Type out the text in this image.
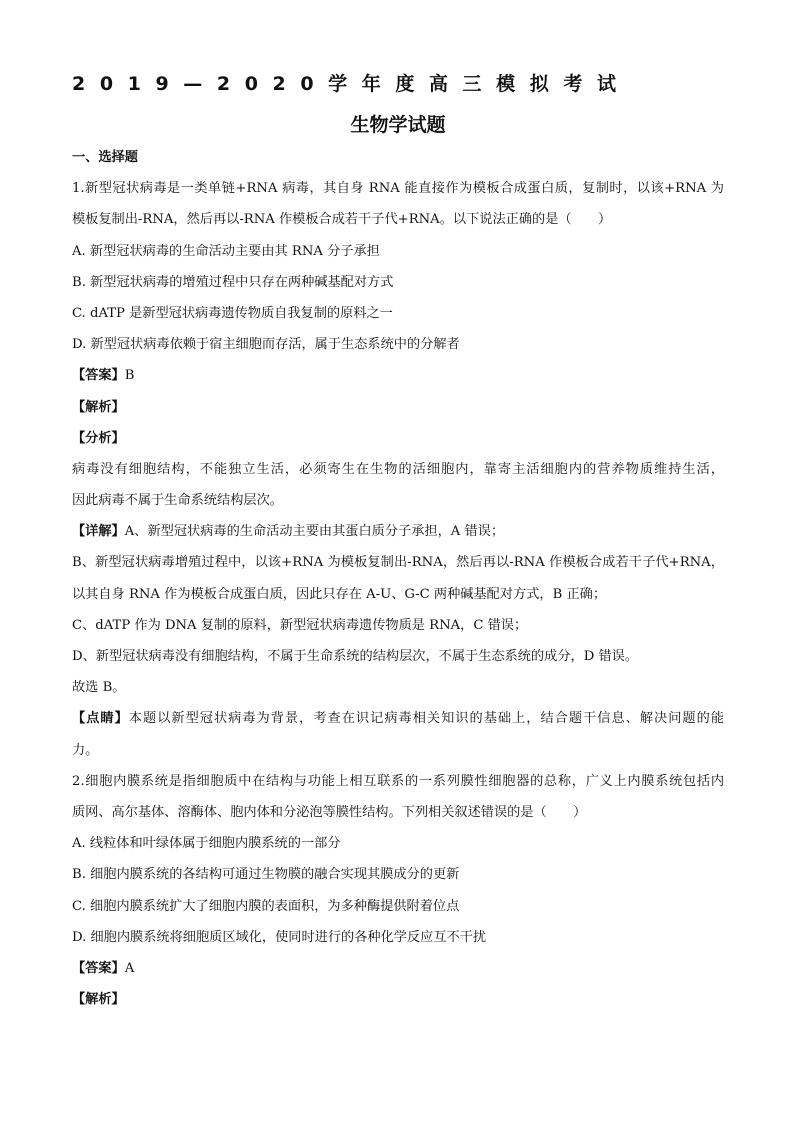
2019—2020学年度高三模拟考试
生物学试题
一、选择题
1.新型冠状病毒是一类单链+RNA 病毒，其自身 RNA 能直接作为模板合成蛋白质，复制时，以该+RNA 为
模板复制出-RNA，然后再以-RNA 作模板合成若干子代+RNA。以下说法正确的是（　　）
A. 新型冠状病毒的生命活动主要由其 RNA 分子承担
B. 新型冠状病毒的增殖过程中只存在两种碱基配对方式
C. dATP 是新型冠状病毒遗传物质自我复制的原料之一
D. 新型冠状病毒依赖于宿主细胞而存活，属于生态系统中的分解者
【答案】B
【解析】
【分析】
病毒没有细胞结构，不能独立生活，必须寄生在生物的活细胞内，靠寄主活细胞内的营养物质维持生活，
因此病毒不属于生命系统结构层次。
【详解】A、新型冠状病毒的生命活动主要由其蛋白质分子承担，A 错误；
B、新型冠状病毒增殖过程中，以该+RNA 为模板复制出-RNA，然后再以-RNA 作模板合成若干子代+RNA，
以其自身 RNA 作为模板合成蛋白质，因此只存在 A-U、G-C 两种碱基配对方式，B 正确；
C、dATP 作为 DNA 复制的原料，新型冠状病毒遗传物质是 RNA，C 错误；
D、新型冠状病毒没有细胞结构，不属于生命系统的结构层次，不属于生态系统的成分，D 错误。
故选 B。
【点睛】本题以新型冠状病毒为背景，考查在识记病毒相关知识的基础上，结合题干信息、解决问题的能
力。
2.细胞内膜系统是指细胞质中在结构与功能上相互联系的一系列膜性细胞器的总称，广义上内膜系统包括内
质网、高尔基体、溶酶体、胞内体和分泌泡等膜性结构。下列相关叙述错误的是（　　）
A. 线粒体和叶绿体属于细胞内膜系统的一部分
B. 细胞内膜系统的各结构可通过生物膜的融合实现其膜成分的更新
C. 细胞内膜系统扩大了细胞内膜的表面积，为多种酶提供附着位点
D. 细胞内膜系统将细胞质区域化，使同时进行的各种化学反应互不干扰
【答案】A
【解析】
